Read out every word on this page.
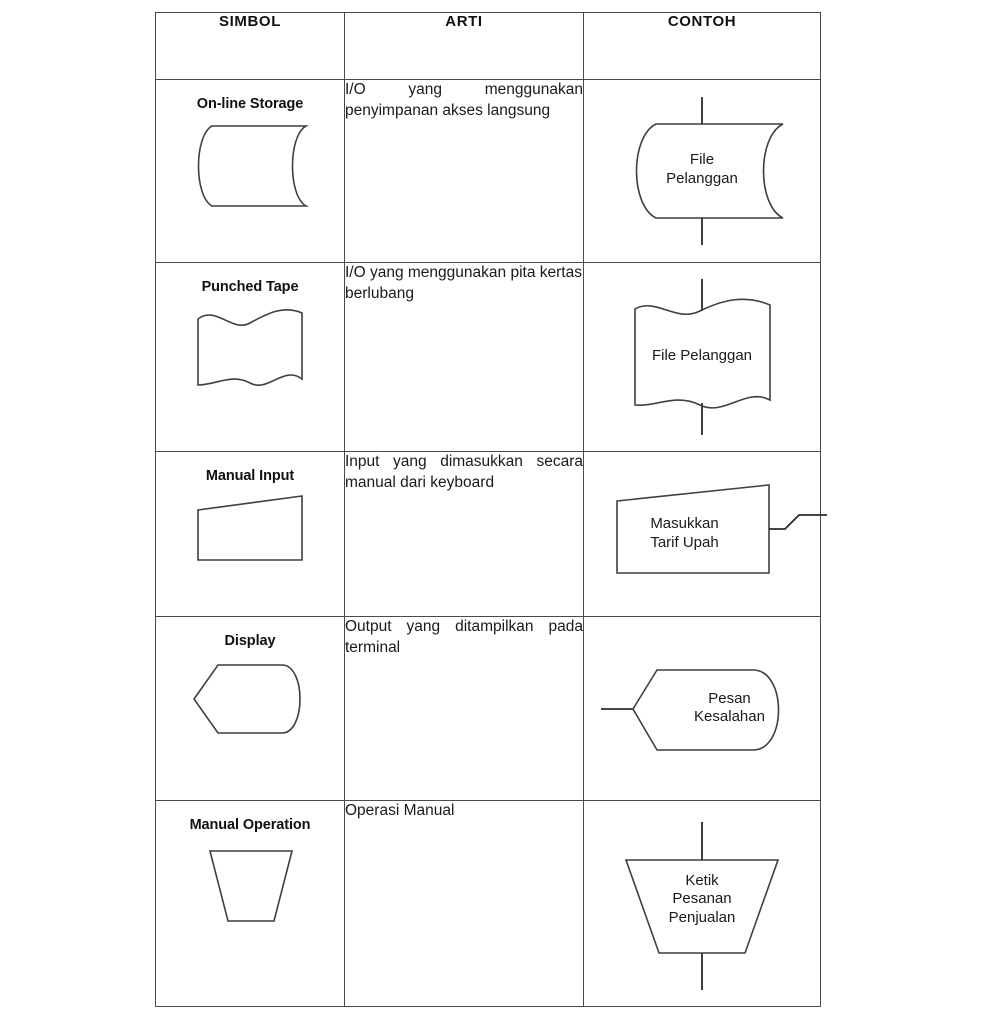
SIMBOL	ARTI	CONTOH

On-line Storage	I/O yang menggunakan penyimpanan akses langsung	File
Pelanggan

Punched Tape	I/O yang menggunakan pita kertas berlubang	File Pelanggan

Manual Input	Input yang dimasukkan secara manual dari keyboard	Masukkan
Tarif Upah

Display	Output yang ditampilkan pada terminal	Pesan
Kesalahan

Manual Operation	Operasi Manual	Ketik
Pesanan
Penjualan
